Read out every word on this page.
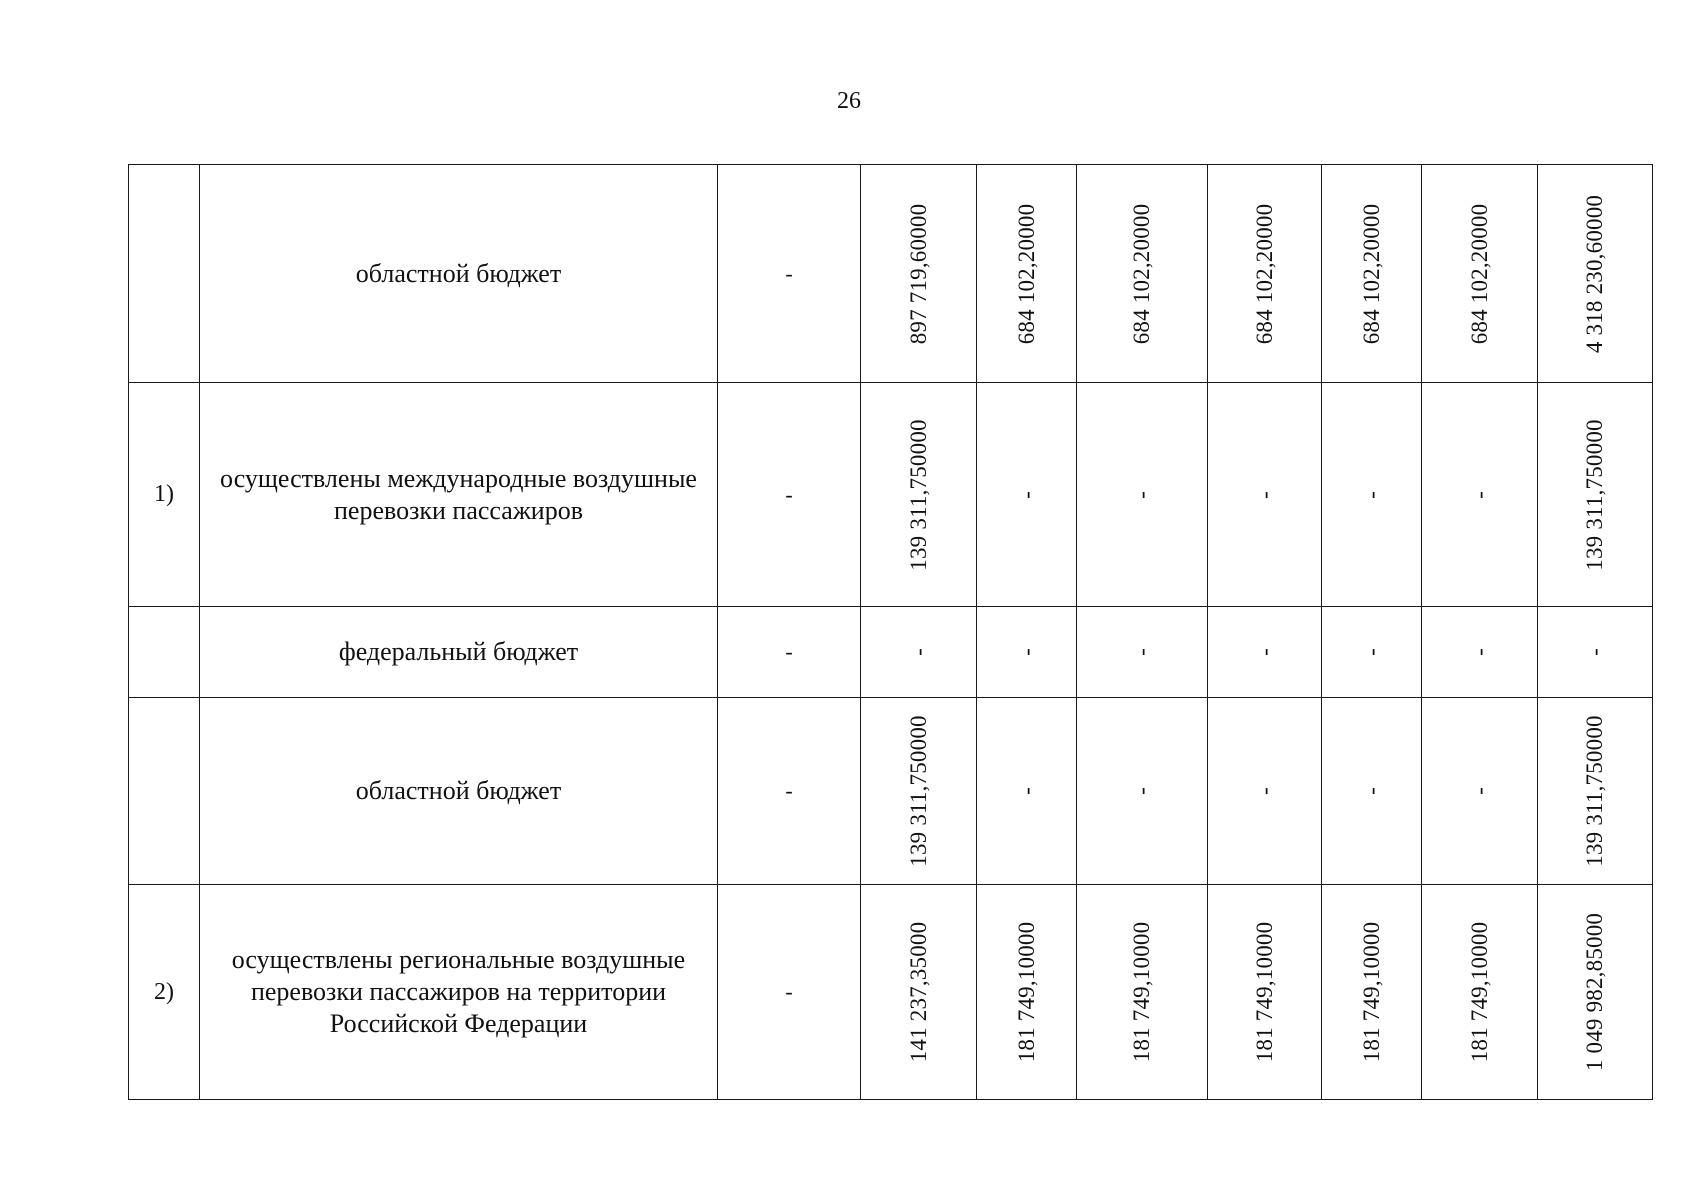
26
	областной бюджет	-	897 719,60000	684 102,20000	684 102,20000	684 102,20000	684 102,20000	684 102,20000	4 318 230,60000

1)	осуществлены международные воздушные перевозки пассажиров	-	139 311,750000	-	-	-	-	-	139 311,750000

	федеральный бюджет	-	-	-	-	-	-	-	-

	областной бюджет	-	139 311,750000	-	-	-	-	-	139 311,750000

2)	осуществлены региональные воздушные перевозки пассажиров на территории Российской Федерации	-	141 237,35000	181 749,10000	181 749,10000	181 749,10000	181 749,10000	181 749,10000	1 049 982,85000
